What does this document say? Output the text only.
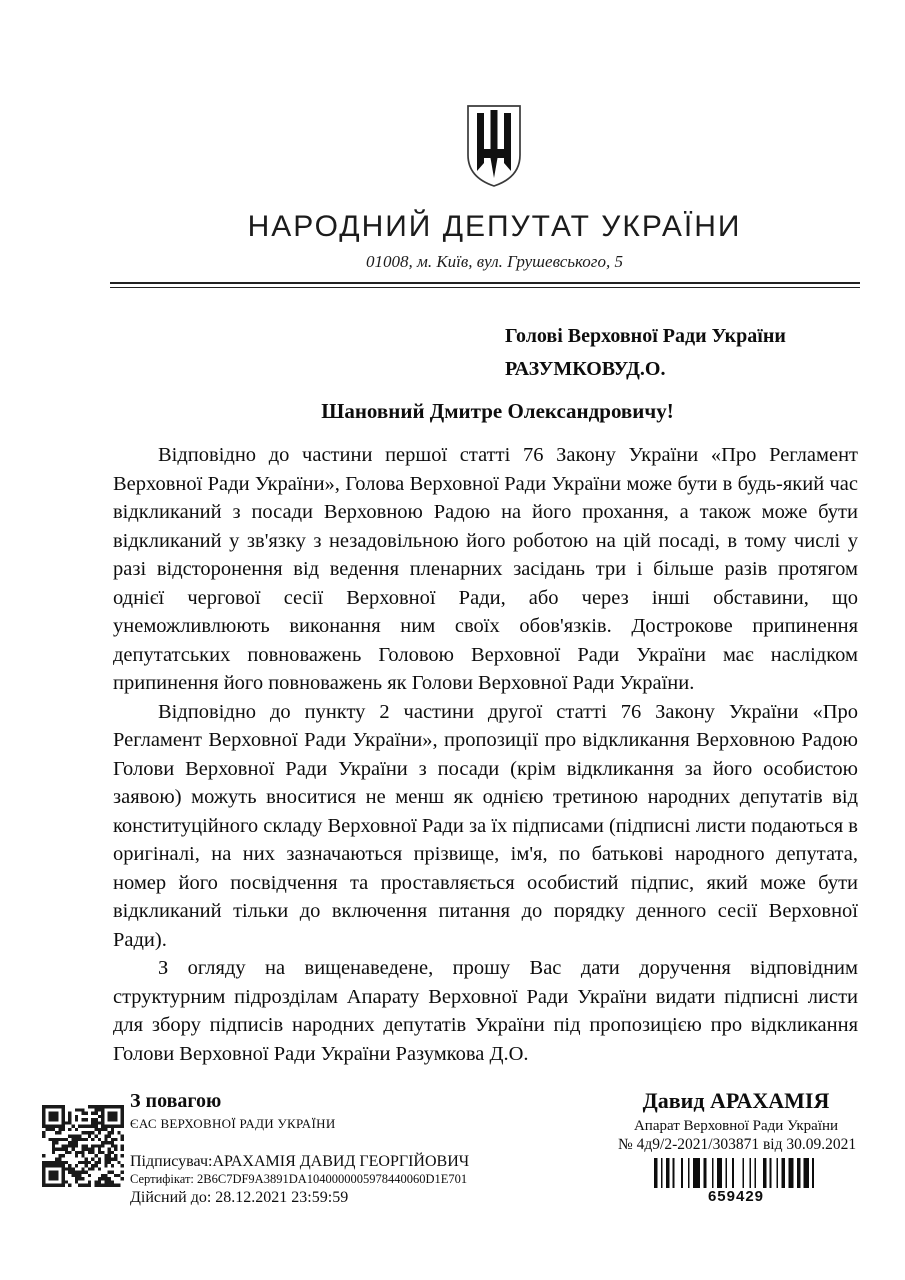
НАРОДНИЙ ДЕПУТАТ УКРАЇНИ
01008, м. Київ, вул. Грушевського, 5
Голові Верховної Ради України
РАЗУМКОВУД.О.
Шановний Дмитре Олександровичу!

Відповідно до частини першої статті 76 Закону України «Про Регламент Верховної Ради України», Голова Верховної Ради України може бути в будь-який час відкликаний з посади Верховною Радою на його прохання, а також може бути відкликаний у зв'язку з незадовільною його роботою на цій посаді, в тому числі у разі відсторонення від ведення пленарних засідань три і більше разів протягом однієї чергової сесії Верховної Ради, або через інші обставини, що унеможливлюють виконання ним своїх обов'язків. Дострокове припинення депутатських повноважень Головою Верховної Ради України має наслідком припинення його повноважень як Голови Верховної Ради України.

Відповідно до пункту 2 частини другої статті 76 Закону України «Про Регламент Верховної Ради України», пропозиції про відкликання Верховною Радою Голови Верховної Ради України з посади (крім відкликання за його особистою заявою) можуть вноситися не менш як однією третиною народних депутатів від конституційного складу Верховної Ради за їх підписами (підписні листи подаються в оригіналі, на них зазначаються прізвище, ім'я, по батькові народного депутата, номер його посвідчення та проставляється особистий підпис, який може бути відкликаний тільки до включення питання до порядку денного сесії Верховної Ради).

З огляду на вищенаведене, прошу Вас дати доручення відповідним структурним підрозділам Апарату Верховної Ради України видати підписні листи для збору підписів народних депутатів України під пропозицією про відкликання Голови Верховної Ради України Разумкова Д.О.

З повагою

ЄАС ВЕРХОВНОЇ РАДИ УКРАЇНИ

Підписувач:АРАХАМІЯ ДАВИД ГЕОРГІЙОВИЧ

Сертифікат: 2B6C7DF9A3891DA1040000005978440060D1E701

Дійсний до: 28.12.2021 23:59:59

Давид АРАХАМІЯ

Апарат Верховної Ради України

№ 4д9/2-2021/303871 від 30.09.2021

659429
